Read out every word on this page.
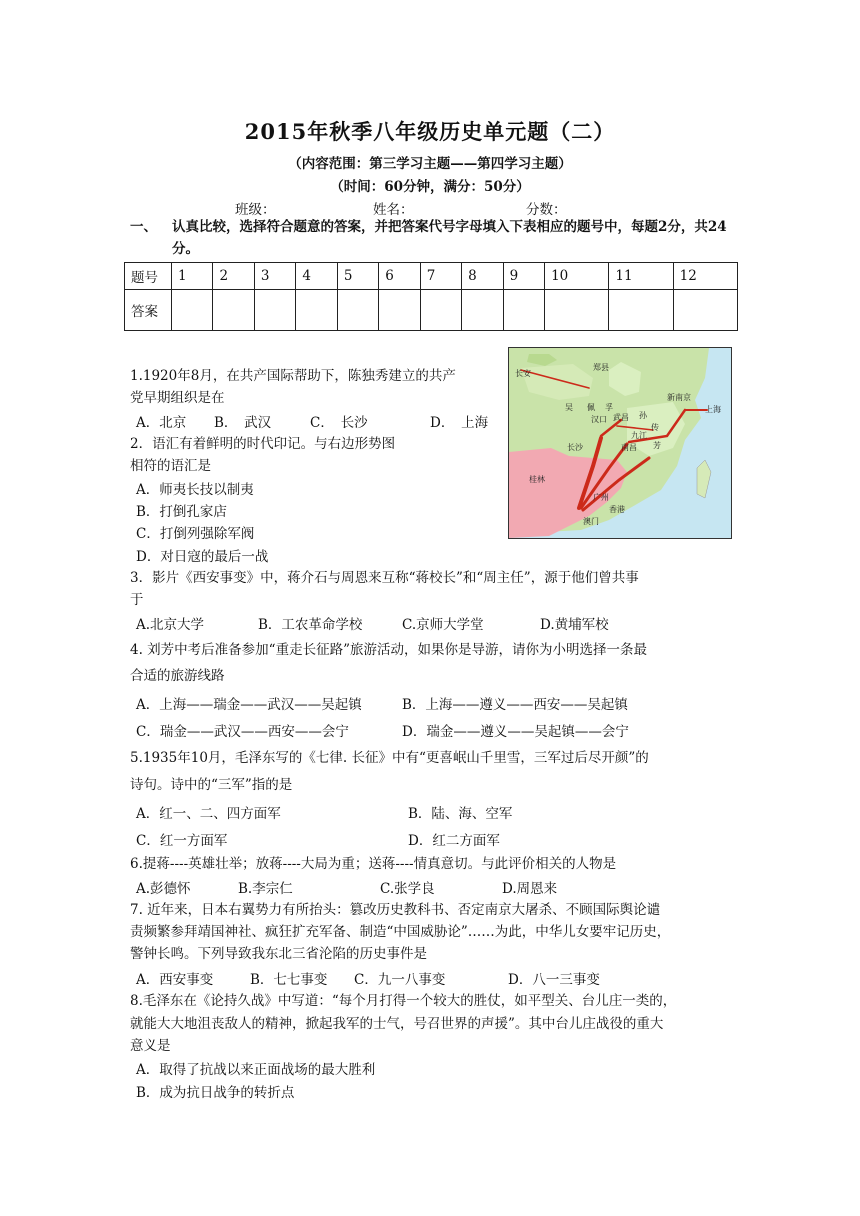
2015年秋季八年级历史单元题（二）
（内容范围：第三学习主题——第四学习主题）
（时间：60分钟，满分：50分）
班级：	姓名：	分数：
一、 认真比较，选择符合题意的答案，并把答案代号字母填入下表相应的题号中，每题2分，共24分。
题号	1	2	3	4	5	6	7	8	9	10	11	12
答案												
长安
郑县
吴 佩 孚
汉口 武昌 孙
传
芳
新南京
上海
九江
长沙	南昌
桂林
广州
香港
澳门
1.1920年8月，在共产国际帮助下，陈独秀建立的共产
党早期组织是在
A．北京 B．　武汉	C．　长沙	D．　上海
2．语汇有着鲜明的时代印记。与右边形势图
相符的语汇是
A．师夷长技以制夷
B．打倒孔家店
C．打倒列强除军阀
D．对日寇的最后一战
3．影片《西安事变》中，蒋介石与周恩来互称“蒋校长”和“周主任”，源于他们曾共事
于
A.北京大学	B．工农革命学校	C.京师大学堂	D.黄埔军校
4. 刘芳中考后准备参加“重走长征路”旅游活动，如果你是导游，请你为小明选择一条最
合适的旅游线路
A．上海——瑞金——武汉——吴起镇	B．上海——遵义——西安——吴起镇
C．瑞金——武汉——西安——会宁	D．瑞金——遵义——吴起镇——会宁
5.1935年10月，毛泽东写的《七律. 长征》中有“更喜岷山千里雪，三军过后尽开颜”的
诗句。诗中的“三军”指的是
A．红一、二、四方面军	B．陆、海、空军
C．红一方面军	D．红二方面军
6.提蒋----英雄壮举；放蒋----大局为重；送蒋----情真意切。与此评价相关的人物是
A.彭德怀	B.李宗仁	C.张学良	D.周恩来
7. 近年来，日本右翼势力有所抬头：篡改历史教科书、否定南京大屠杀、不顾国际舆论谴
责频繁参拜靖国神社、疯狂扩充军备、制造“中国威胁论”……为此，中华儿女要牢记历史，
警钟长鸣。下列导致我东北三省沦陷的历史事件是
A．西安事变	B．七七事变 C．九一八事变	D．八一三事变
8.毛泽东在《论持久战》中写道：“每个月打得一个较大的胜仗，如平型关、台儿庄一类的，
就能大大地沮丧敌人的精神，掀起我军的士气，号召世界的声援”。其中台儿庄战役的重大
意义是
A．取得了抗战以来正面战场的最大胜利
B．成为抗日战争的转折点
